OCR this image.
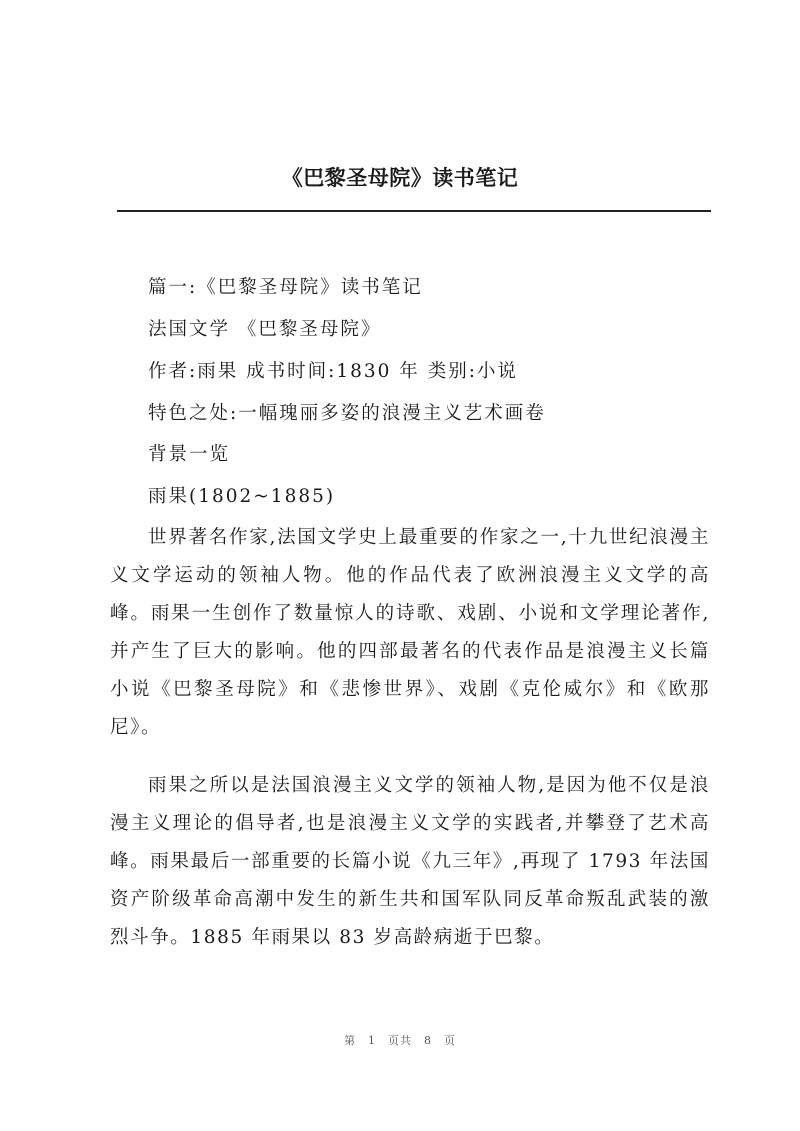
《巴黎圣母院》读书笔记
篇一:《巴黎圣母院》读书笔记
法国文学 《巴黎圣母院》
作者:雨果 成书时间:1830 年 类别:小说
特色之处:一幅瑰丽多姿的浪漫主义艺术画卷
背景一览
雨果(1802~1885)
世界著名作家,法国文学史上最重要的作家之一,十九世纪浪漫主义文学运动的领袖人物。他的作品代表了欧洲浪漫主义文学的高峰。雨果一生创作了数量惊人的诗歌、戏剧、小说和文学理论著作,并产生了巨大的影响。他的四部最著名的代表作品是浪漫主义长篇小说《巴黎圣母院》和《悲惨世界》、戏剧《克伦威尔》和《欧那尼》。
雨果之所以是法国浪漫主义文学的领袖人物,是因为他不仅是浪漫主义理论的倡导者,也是浪漫主义文学的实践者,并攀登了艺术高峰。雨果最后一部重要的长篇小说《九三年》,再现了 1793 年法国资产阶级革命高潮中发生的新生共和国军队同反革命叛乱武装的激烈斗争。1885 年雨果以 83 岁高龄病逝于巴黎。
第 1 页共 8 页
